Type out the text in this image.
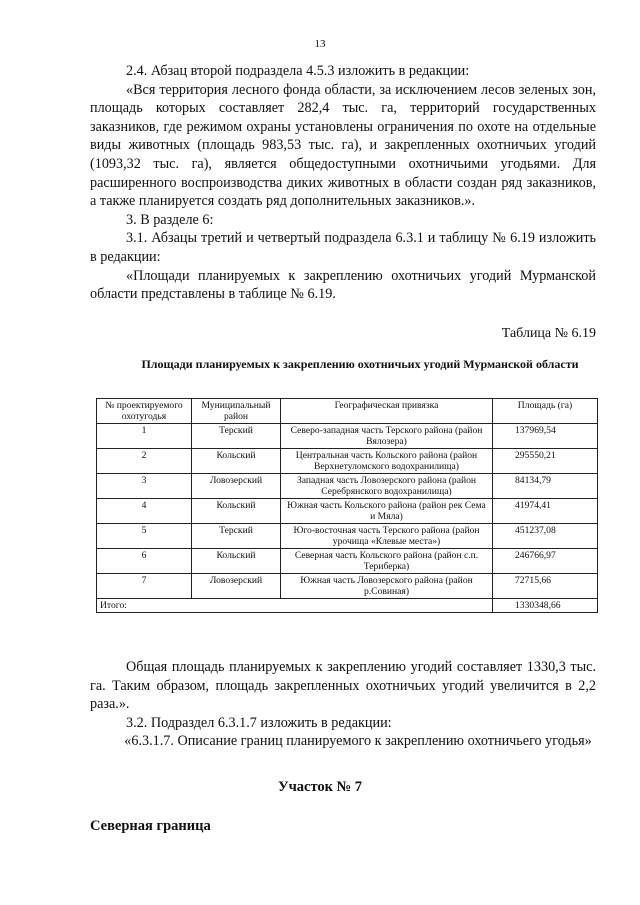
13

2.4. Абзац второй подраздела 4.5.3 изложить в редакции:

«Вся территория лесного фонда области, за исключением лесов зеленых зон, площадь которых составляет 282,4 тыс. га, территорий государственных заказников, где режимом охраны установлены ограничения по охоте на отдельные виды животных (площадь 983,53 тыс. га), и закрепленных охотничьих угодий (1093,32 тыс. га), является общедоступными охотничьими угодьями. Для расширенного воспроизводства диких животных в области создан ряд заказников, а также планируется создать ряд дополнительных заказников.».

3. В разделе 6:

3.1. Абзацы третий и четвертый подраздела 6.3.1 и таблицу № 6.19 изложить в редакции:

«Площади планируемых к закреплению охотничьих угодий Мурманской области представлены в таблице № 6.19.

Таблица № 6.19
Площади планируемых к закреплению охотничьих угодий Мурманской области
№ проектируемого охотугодья	Муниципальный район	Географическая привязка	Площадь (га)
1	Терский	Северо-западная часть Терского района (район Вялозера)	137969,54
2	Кольский	Центральная часть Кольского района (район Верхнетуломского водохранилища)	295550,21
3	Ловозерский	Западная часть Ловозерского района (район Серебрянского водохранилища)	84134,79
4	Кольский	Южная часть Кольского района (район рек Сема и Мяла)	41974,41
5	Терский	Юго-восточная часть Терского района (район урочища «Клевые места»)	451237,08
6	Кольский	Северная часть Кольского района (район с.п. Териберка)	246766,97
7	Ловозерский	Южная часть Ловозерского района (район р.Совиная)	72715,66
Итого:			1330348,66

Общая площадь планируемых к закреплению угодий составляет 1330,3 тыс. га. Таким образом, площадь закрепленных охотничьих угодий увеличится в 2,2 раза.».

3.2. Подраздел 6.3.1.7 изложить в редакции:

«6.3.1.7. Описание границ планируемого к закреплению охотничьего угодья»

Участок № 7
Северная граница
